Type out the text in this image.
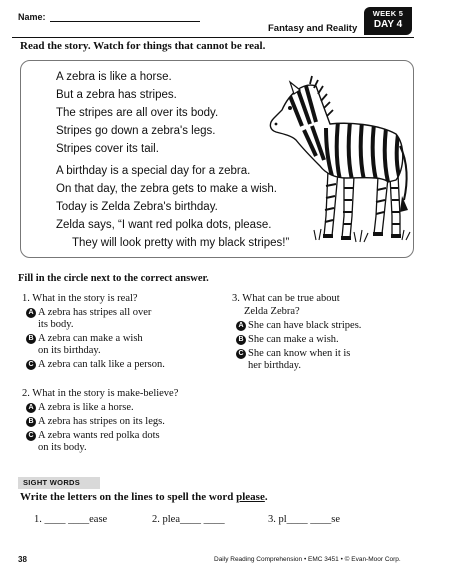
Name:
Fantasy and Reality
WEEK 5
DAY 4
Read the story. Watch for things that cannot be real.

A zebra is like a horse.

But a zebra has stripes.

The stripes are all over its body.

Stripes go down a zebra's legs.

Stripes cover its tail.

A birthday is a special day for a zebra.

On that day, the zebra gets to make a wish.

Today is Zelda Zebra's birthday.

Zelda says, “I want red polka dots, please.

They will look pretty with my black stripes!”

Fill in the circle next to the correct answer.
1. What in the story is real?
A A zebra has stripes all over
its body.
B A zebra can make a wish
on its birthday.
C A zebra can talk like a person.
2. What in the story is make-believe?
A A zebra is like a horse.
B A zebra has stripes on its legs.
C A zebra wants red polka dots
on its body.
3. What can be true about
Zelda Zebra?
A She can have black stripes.
B She can make a wish.
C She can know when it is
her birthday.
SIGHT WORDS
Write the letters on the lines to spell the word please.
1. ____ ____ease	2. plea____ ____	3. pl____ ____se
38	Daily Reading Comprehension • EMC 3451 • © Evan-Moor Corp.
